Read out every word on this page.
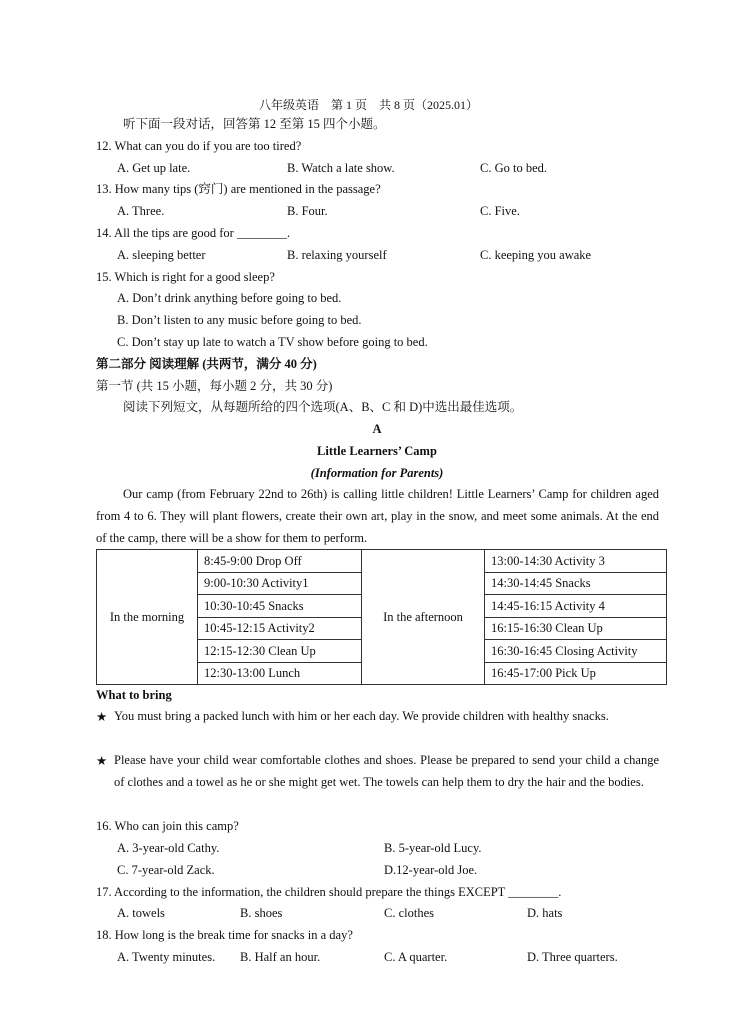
八年级英语　第 1 页　共 8 页（2025.01）
听下面一段对话，回答第 12 至第 15 四个小题。
12. What can you do if you are too tired?
A. Get up late.	B. Watch a late show.	C. Go to bed.
13. How many tips (窍门) are mentioned in the passage?
A. Three.	B. Four.	C. Five.
14. All the tips are good for ________.
A. sleeping better	B. relaxing yourself	C. keeping you awake
15. Which is right for a good sleep?
A. Don’t drink anything before going to bed.
B. Don’t listen to any music before going to bed.
C. Don’t stay up late to watch a TV show before going to bed.
第二部分 阅读理解 (共两节，满分 40 分)
第一节 (共 15 小题，每小题 2 分，共 30 分)
阅读下列短文，从每题所给的四个选项(A、B、C 和 D)中选出最佳选项。
A
Little Learners’ Camp
(Information for Parents)
Our camp (from February 22nd to 26th) is calling little children! Little Learners’ Camp for children aged from 4 to 6. They will plant flowers, create their own art, play in the snow, and meet some animals. At the end of the camp, there will be a show for them to perform.
In the morning	8:45-9:00 Drop Off	In the afternoon	13:00-14:30 Activity 3
	9:00-10:30 Activity1		14:30-14:45 Snacks
	10:30-10:45 Snacks		14:45-16:15 Activity 4
	10:45-12:15 Activity2		16:15-16:30 Clean Up
	12:15-12:30 Clean Up		16:30-16:45 Closing Activity
	12:30-13:00 Lunch		16:45-17:00 Pick Up
What to bring
★ You must bring a packed lunch with him or her each day. We provide children with healthy snacks.
★ Please have your child wear comfortable clothes and shoes. Please be prepared to send your child a change of clothes and a towel as he or she might get wet. The towels can help them to dry the hair and the bodies.
16. Who can join this camp?
A. 3-year-old Cathy.	B. 5-year-old Lucy.
C. 7-year-old Zack.	D.12-year-old Joe.
17. According to the information, the children should prepare the things EXCEPT ________.
A. towels	B. shoes	C. clothes	D. hats
18. How long is the break time for snacks in a day?
A. Twenty minutes. B. Half an hour.	C. A quarter.	D. Three quarters.
